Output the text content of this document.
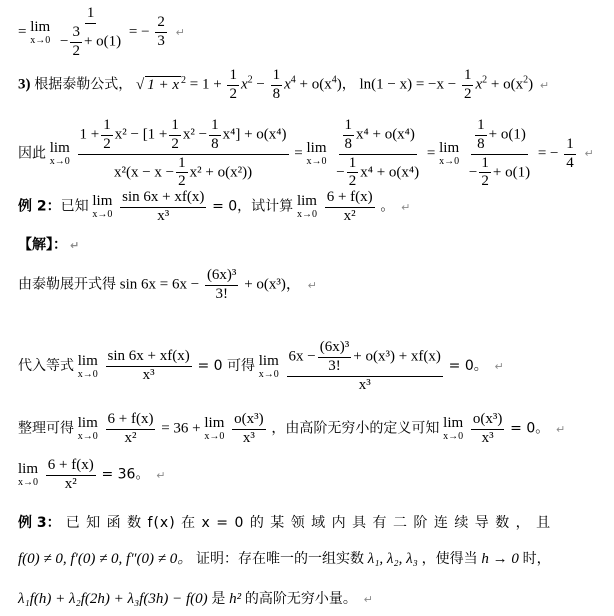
= lim
x→0
$\frac{1}{- \frac{3}{2} + o(1)}$ = − $\frac{2}{3}$ ↵
3) 根据泰勒公式， √ 1 + x $^2 = 1 + \frac{1}{2} x^2 - \frac{1}{8} x^4 + o(x^4)$， $\ln(1 - x) = -x - \frac{1}{2} x^2 + o(x^2)$ ↵
因此 lim
x→0
$\frac{1 + \frac{1}{2} x^2 - [1 + \frac{1}{2} x^2 - \frac{1}{8} x^4] + o(x^4)}{x^2(x - x - \frac{1}{2} x^2 + o(x^2))} = \lim$
x→0
$\frac{\frac{1}{8} x^4 + o(x^4)}{- \frac{1}{2} x^4 + o(x^4)} = \lim$
x→0
$\frac{\frac{1}{8} + o(1)}{- \frac{1}{2} + o(1)}$ = − $\frac{1}{4}$ ↵
例 2：已知 lim
x→0
$\frac{\sin 6x + xf(x)}{\text{x³}} = 0$，试计算 lim
x→0
$\frac{6 + f(x)}{\text{x²}}$ 。 ↵
【解】： ↵
由泰勒展开式得 $\sin 6x = 6x - \frac{\text{(6x)³}}{3!} + o(x^3)$， ↵
代入等式 lim
x→0
$\frac{\sin 6x + xf(x)}{\text{x³}} = 0$ 可得 lim
x→0
$\frac{6x - \frac{\text{(6x)³}}{3!} + o(x^3) + xf(x)}{\text{x³}} = 0$。 ↵
整理可得 lim
x→0
$\frac{6 + f(x)}{\text{x²}} = 36 + \lim$
x→0
$\frac{\text{o(x³)}}{\text{x³}}$ ，由高阶无穷小的定义可知 lim
x→0
$\frac{\text{o(x³)}}{\text{x³}} = 0$。 ↵
lim
x→0
$\frac{6 + f(x)}{\text{x²}} = 36$。 ↵
例 3： 已 知 函 数 f(x) 在 x = 0 的 某 领 域 内 具 有 二 阶 连 续 导 数 ， 且
f(0) ≠ 0, f′(0) ≠ 0, f″(0) ≠ 0。 证明：存在唯一的一组实数 λ₁, λ₂, λ₃ ，使得当 h → 0 时，
λ₁f(h) + λ₂f(2h) + λ₃f(3h) − f(0) 是 h² 的高阶无穷小量。 ↵
